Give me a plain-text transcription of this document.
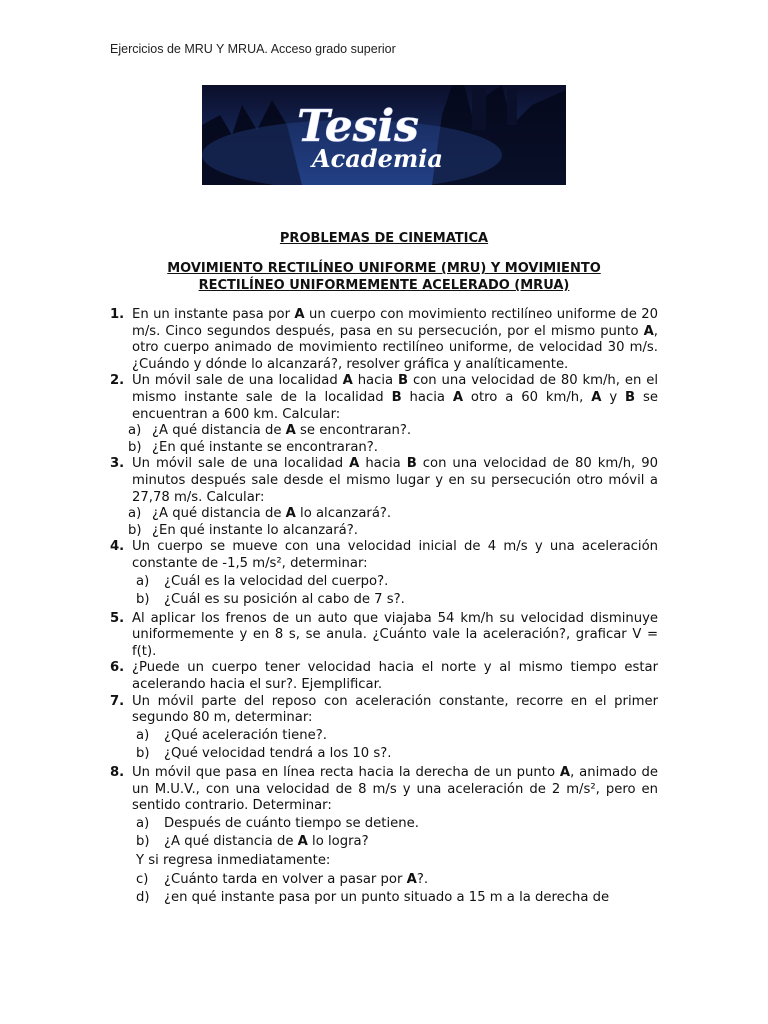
Ejercicios de MRU Y MRUA. Acceso grado superior
Tesis
Academia
PROBLEMAS DE CINEMATICA
MOVIMIENTO RECTILÍNEO UNIFORME (MRU) Y MOVIMIENTO
RECTILÍNEO UNIFORMEMENTE ACELERADO (MRUA)
1. En un instante pasa por A un cuerpo con movimiento rectilíneo uniforme de 20 m/s. Cinco segundos después, pasa en su persecución, por el mismo punto A, otro cuerpo animado de movimiento rectilíneo uniforme, de velocidad 30 m/s. ¿Cuándo y dónde lo alcanzará?, resolver gráfica y analíticamente.
2. Un móvil sale de una localidad A hacia B con una velocidad de 80 km/h, en el mismo instante sale de la localidad B hacia A otro a 60 km/h, A y B se encuentran a 600 km. Calcular:
a) ¿A qué distancia de A se encontraran?.
b) ¿En qué instante se encontraran?.
3. Un móvil sale de una localidad A hacia B con una velocidad de 80 km/h, 90 minutos después sale desde el mismo lugar y en su persecución otro móvil a 27,78 m/s. Calcular:
a) ¿A qué distancia de A lo alcanzará?.
b) ¿En qué instante lo alcanzará?.
4. Un cuerpo se mueve con una velocidad inicial de 4 m/s y una aceleración constante de -1,5 m/s², determinar:
a) ¿Cuál es la velocidad del cuerpo?.
b) ¿Cuál es su posición al cabo de 7 s?.
5. Al aplicar los frenos de un auto que viajaba 54 km/h su velocidad disminuye uniformemente y en 8 s, se anula. ¿Cuánto vale la aceleración?, graficar V = f(t).
6. ¿Puede un cuerpo tener velocidad hacia el norte y al mismo tiempo estar acelerando hacia el sur?. Ejemplificar.
7. Un móvil parte del reposo con aceleración constante, recorre en el primer segundo 80 m, determinar:
a) ¿Qué aceleración tiene?.
b) ¿Qué velocidad tendrá a los 10 s?.
8. Un móvil que pasa en línea recta hacia la derecha de un punto A, animado de un M.U.V., con una velocidad de 8 m/s y una aceleración de 2 m/s², pero en sentido contrario. Determinar:
a) Después de cuánto tiempo se detiene.
b) ¿A qué distancia de A lo logra?
Y si regresa inmediatamente:
c) ¿Cuánto tarda en volver a pasar por A?.
d) ¿en qué instante pasa por un punto situado a 15 m a la derecha de
